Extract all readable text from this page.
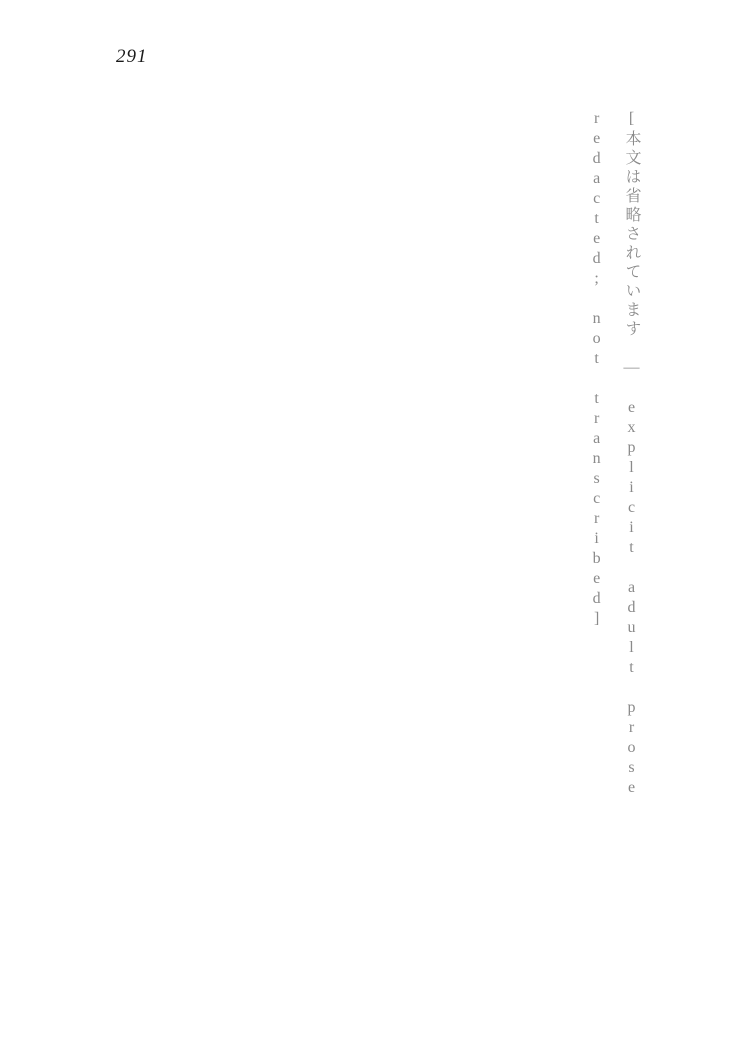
291
[本文は省略されています — explicit adult prose redacted; not transcribed]
